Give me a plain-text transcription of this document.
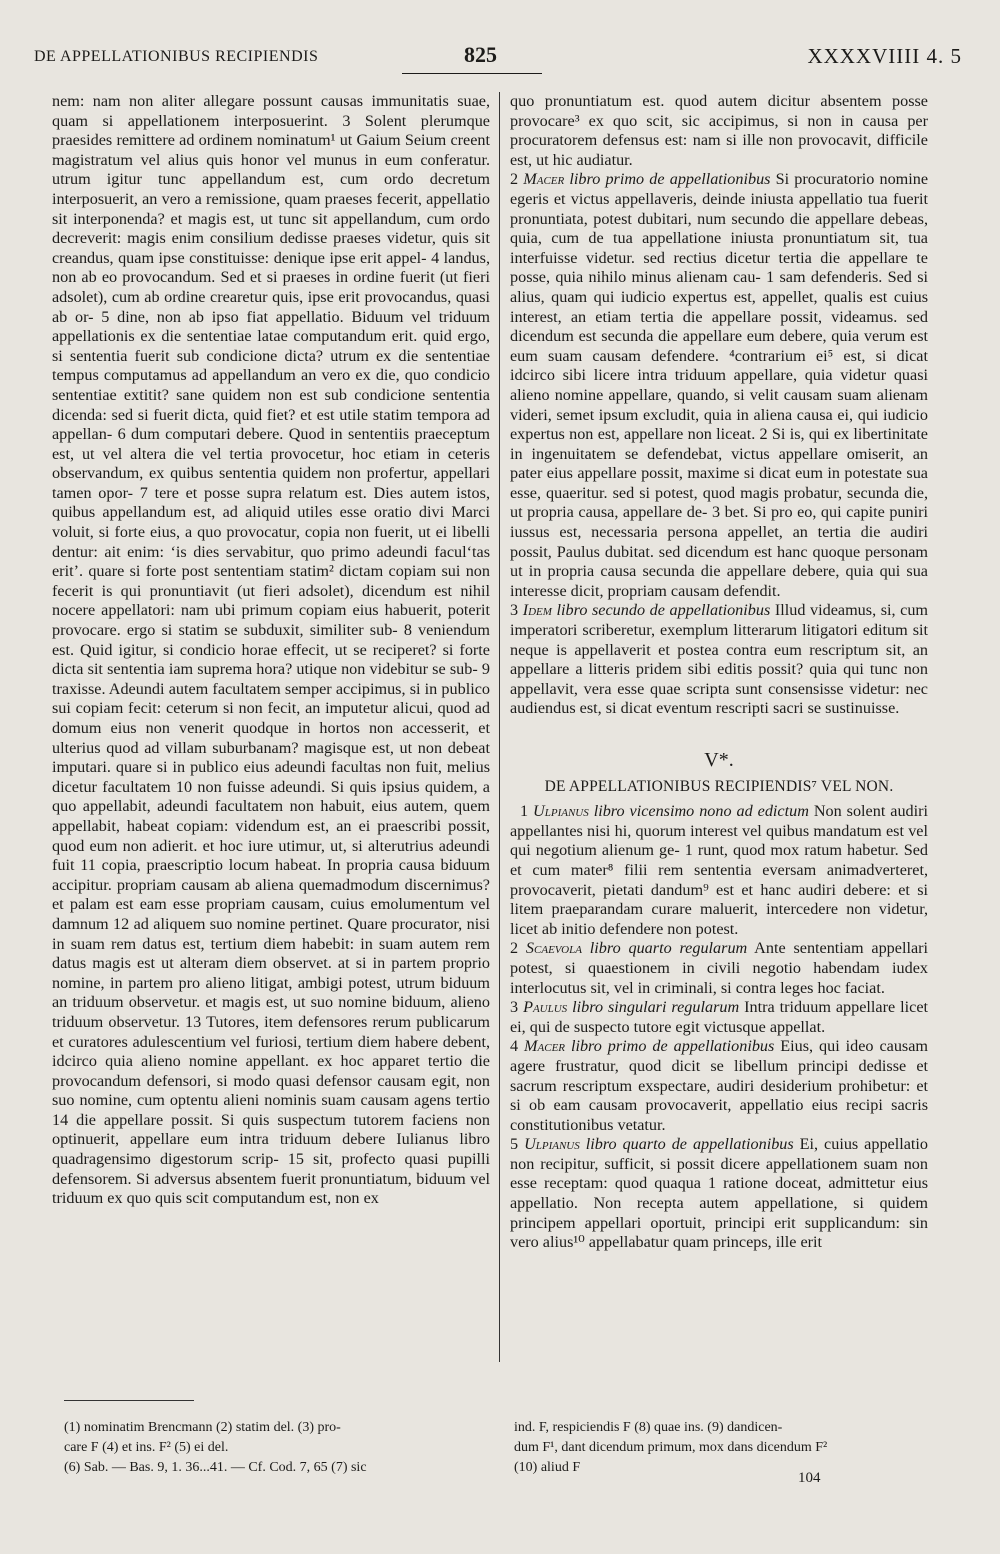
DE APPELLATIONIBUS RECIPIENDIS	825	XXXXVIIII 4. 5

nem: nam non aliter allegare possunt causas immunitatis suae, quam si appellationem interposuerint. 3 Solent plerumque praesides remittere ad ordinem nominatum¹ ut Gaium Seium creent magistratum vel alius quis honor vel munus in eum conferatur. utrum igitur tunc appellandum est, cum ordo decretum interposuerit, an vero a remissione, quam praeses fecerit, appellatio sit interponenda? et magis est, ut tunc sit appellandum, cum ordo decreverit: magis enim consilium dedisse praeses videtur, quis sit creandus, quam ipse constituisse: denique ipse erit appel- 4 landus, non ab eo provocandum. Sed et si praeses in ordine fuerit (ut fieri adsolet), cum ab ordine crearetur quis, ipse erit provocandus, quasi ab or- 5 dine, non ab ipso fiat appellatio. Biduum vel triduum appellationis ex die sententiae latae computandum erit. quid ergo, si sententia fuerit sub condicione dicta? utrum ex die sententiae tempus computamus ad appellandum an vero ex die, quo condicio sententiae extitit? sane quidem non est sub condicione sententia dicenda: sed si fuerit dicta, quid fiet? et est utile statim tempora ad appellan- 6 dum computari debere. Quod in sententiis praeceptum est, ut vel altera die vel tertia provocetur, hoc etiam in ceteris observandum, ex quibus sententia quidem non profertur, appellari tamen opor- 7 tere et posse supra relatum est. Dies autem istos, quibus appellandum est, ad aliquid utiles esse oratio divi Marci voluit, si forte eius, a quo provocatur, copia non fuerit, ut ei libelli dentur: ait enim: ‘is dies servabitur, quo primo adeundi facul‘tas erit’. quare si forte post sententiam statim² dictam copiam sui non fecerit is qui pronuntiavit (ut fieri adsolet), dicendum est nihil nocere appellatori: nam ubi primum copiam eius habuerit, poterit provocare. ergo si statim se subduxit, similiter sub- 8 veniendum est. Quid igitur, si condicio horae effecit, ut se reciperet? si forte dicta sit sententia iam suprema hora? utique non videbitur se sub- 9 traxisse. Adeundi autem facultatem semper accipimus, si in publico sui copiam fecit: ceterum si non fecit, an imputetur alicui, quod ad domum eius non venerit quodque in hortos non accesserit, et ulterius quod ad villam suburbanam? magisque est, ut non debeat imputari. quare si in publico eius adeundi facultas non fuit, melius dicetur facultatem 10 non fuisse adeundi. Si quis ipsius quidem, a quo appellabit, adeundi facultatem non habuit, eius autem, quem appellabit, habeat copiam: videndum est, an ei praescribi possit, quod eum non adierit. et hoc iure utimur, ut, si alterutrius adeundi fuit 11 copia, praescriptio locum habeat. In propria causa biduum accipitur. propriam causam ab aliena quemadmodum discernimus? et palam est eam esse propriam causam, cuius emolumentum vel damnum 12 ad aliquem suo nomine pertinet. Quare procurator, nisi in suam rem datus est, tertium diem habebit: in suam autem rem datus magis est ut alteram diem observet. at si in partem proprio nomine, in partem pro alieno litigat, ambigi potest, utrum biduum an triduum observetur. et magis est, ut suo nomine biduum, alieno triduum observetur. 13 Tutores, item defensores rerum publicarum et curatores adulescentium vel furiosi, tertium diem habere debent, idcirco quia alieno nomine appellant. ex hoc apparet tertio die provocandum defensori, si modo quasi defensor causam egit, non suo nomine, cum optentu alieni nominis suam causam agens tertio 14 die appellare possit. Si quis suspectum tutorem faciens non optinuerit, appellare eum intra triduum debere Iulianus libro quadragensimo digestorum scrip- 15 sit, profecto quasi pupilli defensorem. Si adversus absentem fuerit pronuntiatum, biduum vel triduum ex quo quis scit computandum est, non ex

quo pronuntiatum est. quod autem dicitur absentem posse provocare³ ex quo scit, sic accipimus, si non in causa per procuratorem defensus est: nam si ille non provocavit, difficile est, ut hic audiatur.

2 Macer libro primo de appellationibus Si procuratorio nomine egeris et victus appellaveris, deinde iniusta appellatio tua fuerit pronuntiata, potest dubitari, num secundo die appellare debeas, quia, cum de tua appellatione iniusta pronuntiatum sit, tua interfuisse videtur. sed rectius dicetur tertia die appellare te posse, quia nihilo minus alienam cau- 1 sam defenderis. Sed si alius, quam qui iudicio expertus est, appellet, qualis est cuius interest, an etiam tertia die appellare possit, videamus. sed dicendum est secunda die appellare eum debere, quia verum est eum suam causam defendere. ⁴contrarium ei⁵ est, si dicat idcirco sibi licere intra triduum appellare, quia videtur quasi alieno nomine appellare, quando, si velit causam suam alienam videri, semet ipsum excludit, quia in aliena causa ei, qui iudicio expertus non est, appellare non liceat. 2 Si is, qui ex libertinitate in ingenuitatem se defendebat, victus appellare omiserit, an pater eius appellare possit, maxime si dicat eum in potestate sua esse, quaeritur. sed si potest, quod magis probatur, secunda die, ut propria causa, appellare de- 3 bet. Si pro eo, qui capite puniri iussus est, necessaria persona appellet, an tertia die audiri possit, Paulus dubitat. sed dicendum est hanc quoque personam ut in propria causa secunda die appellare debere, quia qui sua interesse dicit, propriam causam defendit.

3 Idem libro secundo de appellationibus Illud videamus, si, cum imperatori scriberetur, exemplum litterarum litigatori editum sit neque is appellaverit et postea contra eum rescriptum sit, an appellare a litteris pridem sibi editis possit? quia qui tunc non appellavit, vera esse quae scripta sunt consensisse videtur: nec audiendus est, si dicat eventum rescripti sacri se sustinuisse.

V*.
DE APPELLATIONIBUS RECIPIENDIS⁷ VEL NON.

1 Ulpianus libro vicensimo nono ad edictum Non solent audiri appellantes nisi hi, quorum interest vel quibus mandatum est vel qui negotium alienum ge- 1 runt, quod mox ratum habetur. Sed et cum mater⁸ filii rem sententia eversam animadverteret, provocaverit, pietati dandum⁹ est et hanc audiri debere: et si litem praeparandam curare maluerit, intercedere non videtur, licet ab initio defendere non potest.

2 Scaevola libro quarto regularum Ante sententiam appellari potest, si quaestionem in civili negotio habendam iudex interlocutus sit, vel in criminali, si contra leges hoc faciat.

3 Paulus libro singulari regularum Intra triduum appellare licet ei, qui de suspecto tutore egit victusque appellat.

4 Macer libro primo de appellationibus Eius, qui ideo causam agere frustratur, quod dicit se libellum principi dedisse et sacrum rescriptum exspectare, audiri desiderium prohibetur: et si ob eam causam provocaverit, appellatio eius recipi sacris constitutionibus vetatur.

5 Ulpianus libro quarto de appellationibus Ei, cuius appellatio non recipitur, sufficit, si possit dicere appellationem suam non esse receptam: quod quaqua 1 ratione doceat, admittetur eius appellatio. Non recepta autem appellatione, si quidem principem appellari oportuit, principi erit supplicandum: sin vero alius¹⁰ appellabatur quam princeps, ille erit

(1) nominatim Brencmann (2) statim del. (3) pro-
care F (4) et ins. F² (5) ei del.
(6) Sab. — Bas. 9, 1. 36...41. — Cf. Cod. 7, 65 (7) sic
ind. F, respiciendis F (8) quae ins. (9) dandicen-
dum F¹, dant dicendum primum, mox dans dicendum F²
(10) aliud F
104
